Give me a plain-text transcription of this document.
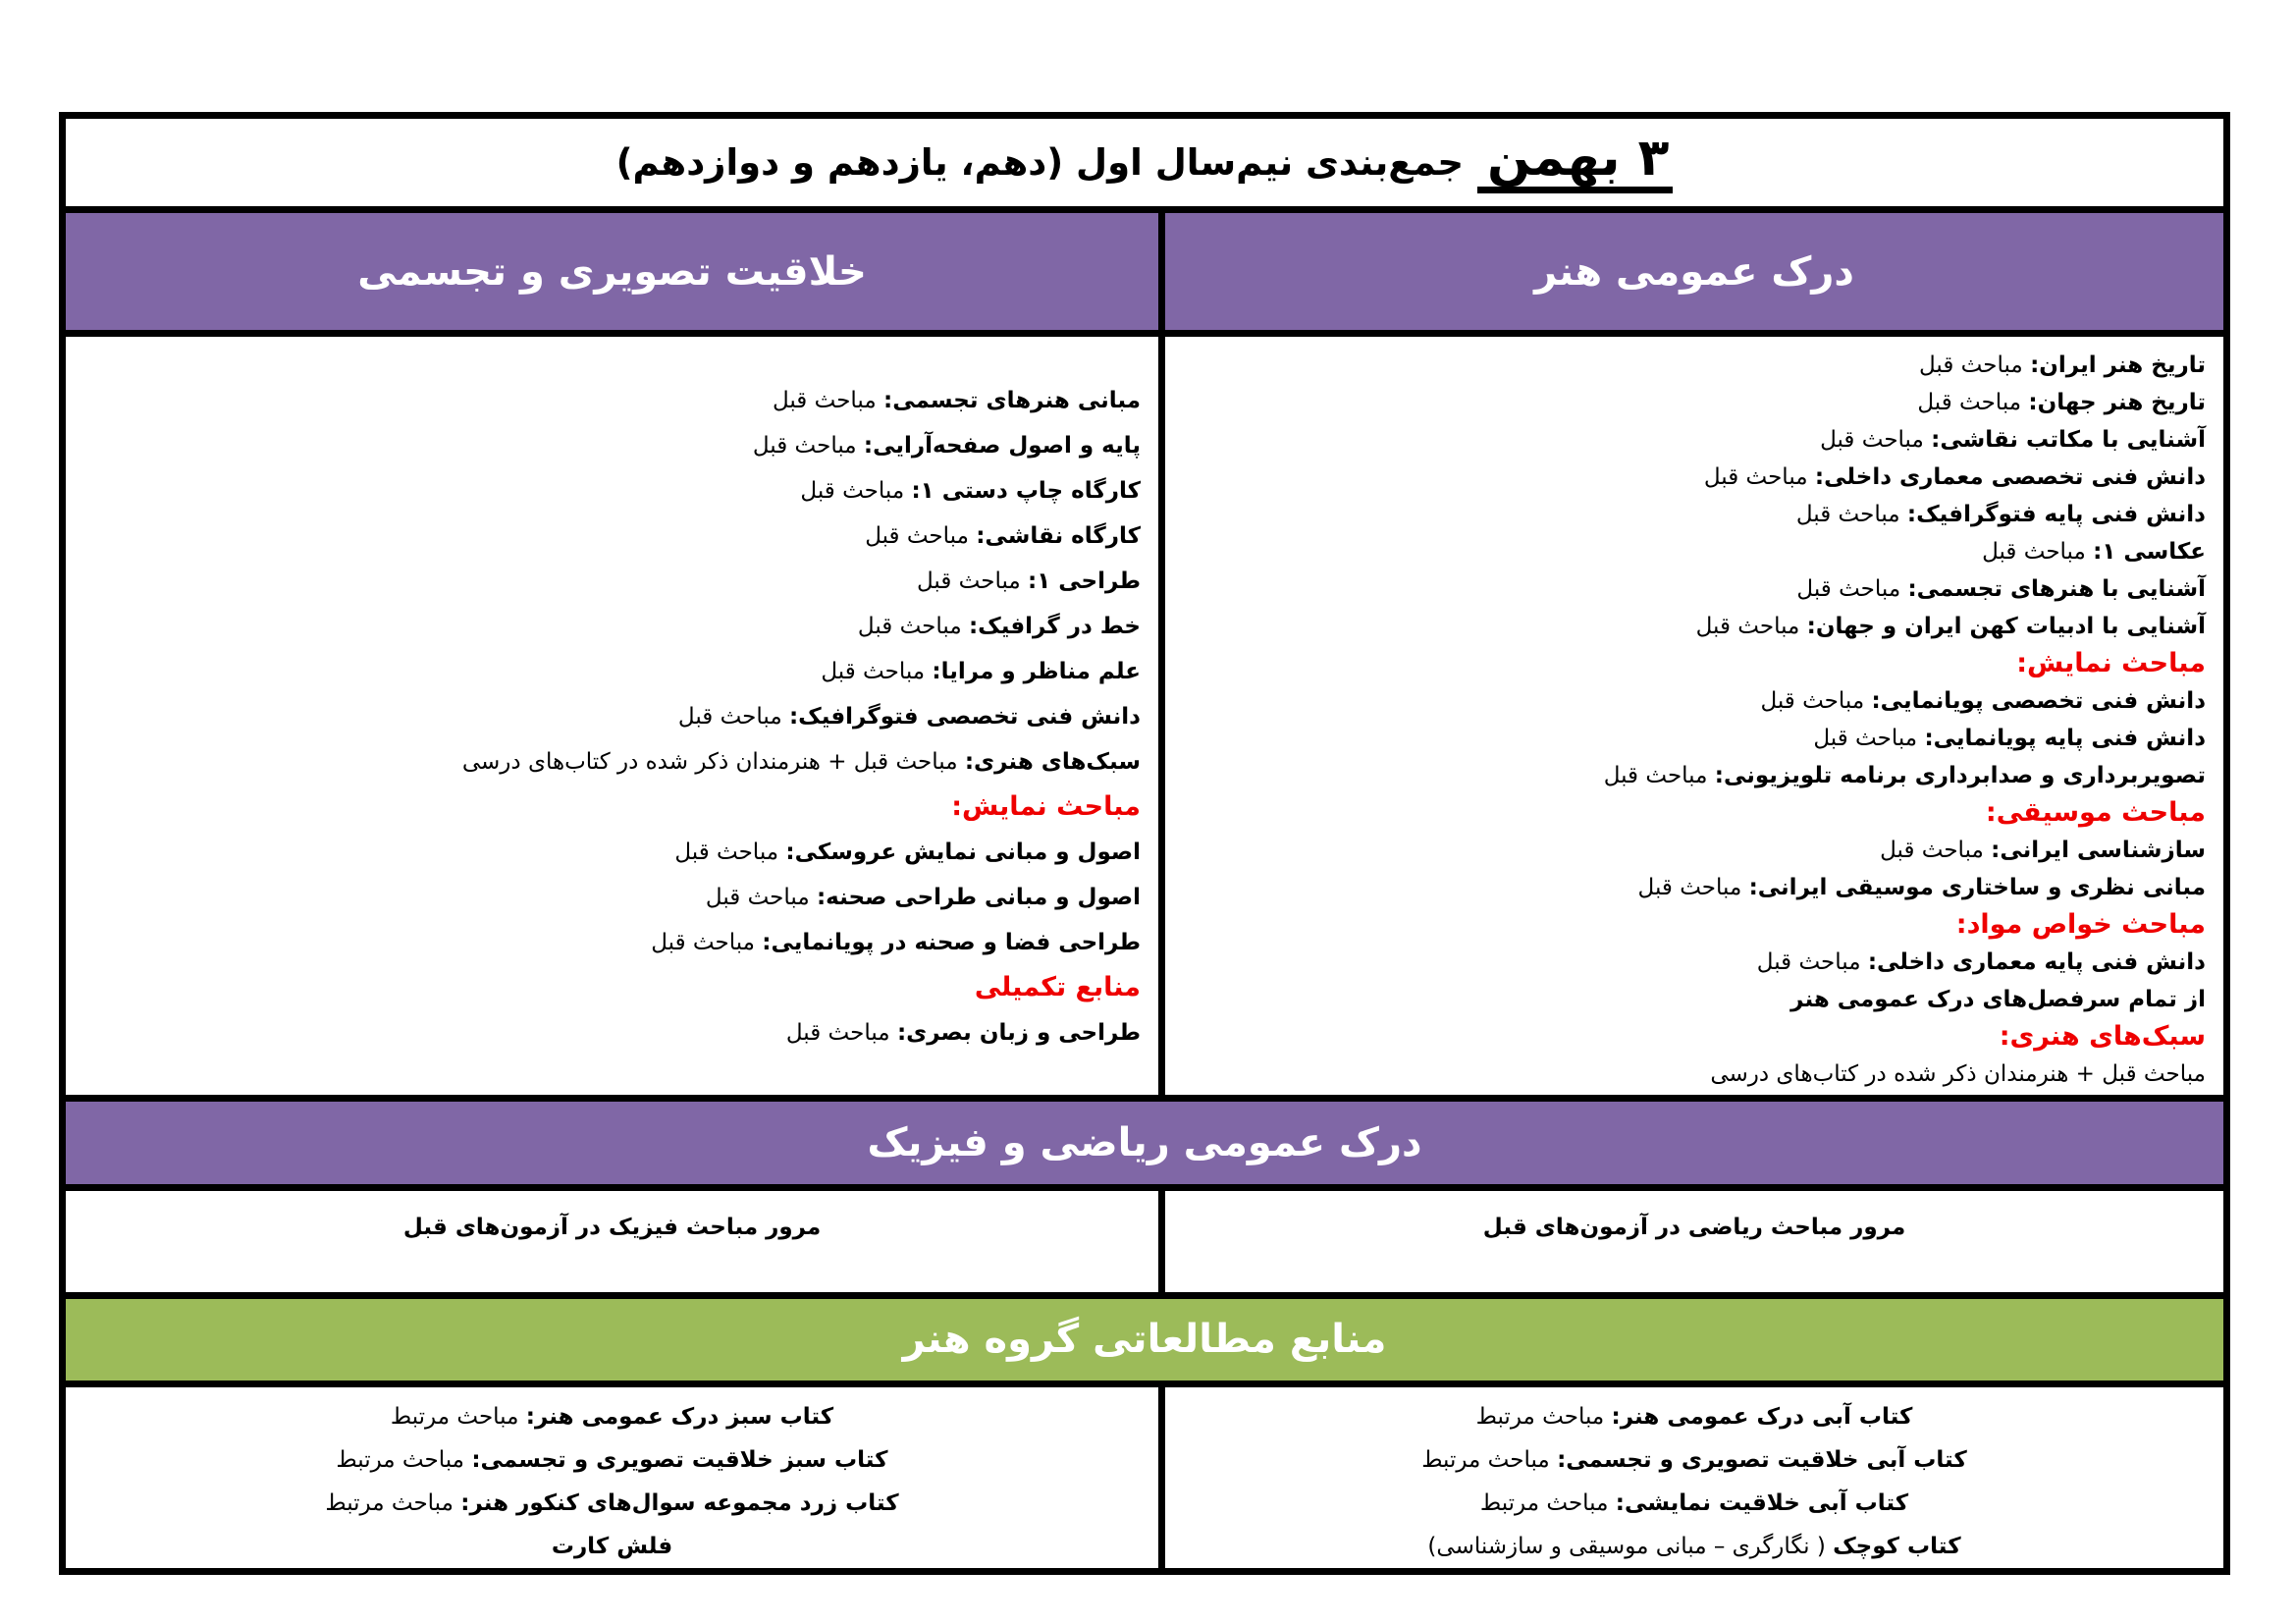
۳ بهمن
جمع‌بندی نیم‌سال اول (دهم، یازدهم و دوازدهم)
درک عمومی هنر
خلاقیت تصویری و تجسمی
تاریخ هنر ایران: مباحث قبل
تاریخ هنر جهان: مباحث قبل
آشنایی با مکاتب نقاشی: مباحث قبل
دانش فنی تخصصی معماری داخلی: مباحث قبل
دانش فنی پایه فتوگرافیک: مباحث قبل
عکاسی ۱: مباحث قبل
آشنایی با هنرهای تجسمی: مباحث قبل
آشنایی با ادبیات کهن ایران و جهان: مباحث قبل
مباحث نمایش:
دانش فنی تخصصی پویانمایی: مباحث قبل
دانش فنی پایه پویانمایی: مباحث قبل
تصویربرداری و صدابرداری برنامه تلویزیونی: مباحث قبل
مباحث موسیقی:
سازشناسی ایرانی: مباحث قبل
مبانی نظری و ساختاری موسیقی ایرانی: مباحث قبل
مباحث خواص مواد:
دانش فنی پایه معماری داخلی: مباحث قبل
از تمام سرفصل‌های درک عمومی هنر
سبک‌های هنری:
مباحث قبل + هنرمندان ذکر شده در کتاب‌های درسی
مبانی هنرهای تجسمی: مباحث قبل
پایه و اصول صفحه‌آرایی: مباحث قبل
کارگاه چاپ دستی ۱: مباحث قبل
کارگاه نقاشی: مباحث قبل
طراحی ۱: مباحث قبل
خط در گرافیک: مباحث قبل
علم مناظر و مرایا: مباحث قبل
دانش فنی تخصصی فتوگرافیک: مباحث قبل
سبک‌های هنری: مباحث قبل + هنرمندان ذکر شده در کتاب‌های درسی
مباحث نمایش:
اصول و مبانی نمایش عروسکی: مباحث قبل
اصول و مبانی طراحی صحنه: مباحث قبل
طراحی فضا و صحنه در پویانمایی: مباحث قبل
منابع تکمیلی
طراحی و زبان بصری: مباحث قبل
درک عمومی ریاضی و فیزیک
مرور مباحث ریاضی در آزمون‌های قبل
مرور مباحث فیزیک در آزمون‌های قبل
منابع مطالعاتی گروه هنر
کتاب آبی درک عمومی هنر: مباحث مرتبط
کتاب آبی خلاقیت تصویری و تجسمی: مباحث مرتبط
کتاب آبی خلاقیت نمایشی: مباحث مرتبط
کتاب کوچک ( نگارگری – مبانی موسیقی و سازشناسی)
کتاب سبز درک عمومی هنر: مباحث مرتبط
کتاب سبز خلاقیت تصویری و تجسمی: مباحث مرتبط
کتاب زرد مجموعه سوال‌های کنکور هنر: مباحث مرتبط
فلش کارت
